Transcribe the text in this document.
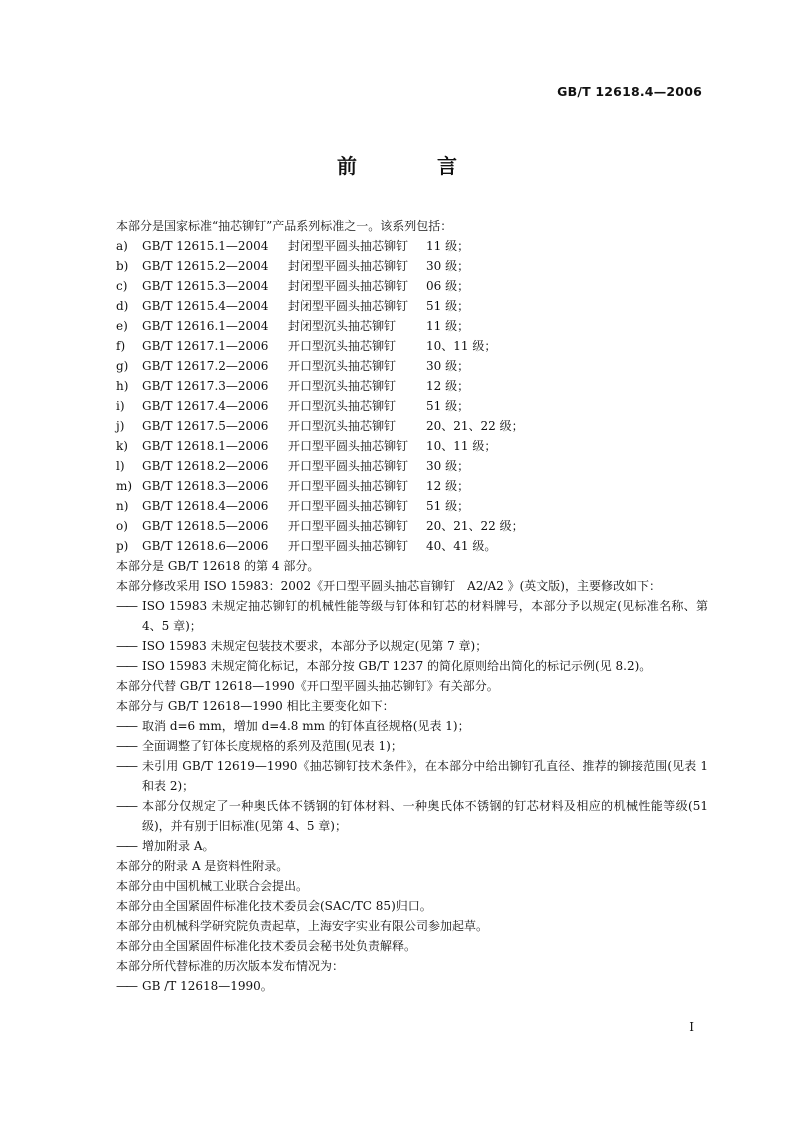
GB/T 12618.4—2006
前　言
本部分是国家标准“抽芯铆钉”产品系列标准之一。该系列包括：
a)	GB/T 12615.1—2004	封闭型平圆头抽芯铆钉	11 级；
b)	GB/T 12615.2—2004	封闭型平圆头抽芯铆钉	30 级；
c)	GB/T 12615.3—2004	封闭型平圆头抽芯铆钉	06 级；
d)	GB/T 12615.4—2004	封闭型平圆头抽芯铆钉	51 级；
e)	GB/T 12616.1—2004	封闭型沉头抽芯铆钉	11 级；
f)	GB/T 12617.1—2006	开口型沉头抽芯铆钉	10、11 级；
g)	GB/T 12617.2—2006	开口型沉头抽芯铆钉	30 级；
h)	GB/T 12617.3—2006	开口型沉头抽芯铆钉	12 级；
i)	GB/T 12617.4—2006	开口型沉头抽芯铆钉	51 级；
j)	GB/T 12617.5—2006	开口型沉头抽芯铆钉	20、21、22 级；
k)	GB/T 12618.1—2006	开口型平圆头抽芯铆钉	10、11 级；
l)	GB/T 12618.2—2006	开口型平圆头抽芯铆钉	30 级；
m) GB/T 12618.3—2006	开口型平圆头抽芯铆钉	12 级；
n)	GB/T 12618.4—2006	开口型平圆头抽芯铆钉	51 级；
o)	GB/T 12618.5—2006	开口型平圆头抽芯铆钉	20、21、22 级；
p)	GB/T 12618.6—2006	开口型平圆头抽芯铆钉	40、41 级。
本部分是 GB/T 12618 的第 4 部分。
本部分修改采用 ISO 15983：2002《开口型平圆头抽芯盲铆钉　A2/A2 》(英文版)，主要修改如下：
—— ISO 15983 未规定抽芯铆钉的机械性能等级与钉体和钉芯的材料牌号，本部分予以规定(见标准名称、第 4、5 章)；
—— ISO 15983 未规定包装技术要求，本部分予以规定(见第 7 章)；
—— ISO 15983 未规定简化标记，本部分按 GB/T 1237 的简化原则给出简化的标记示例(见 8.2)。
本部分代替 GB/T 12618—1990《开口型平圆头抽芯铆钉》有关部分。
本部分与 GB/T 12618—1990 相比主要变化如下：
—— 取消 d=6 mm，增加 d=4.8 mm 的钉体直径规格(见表 1)；
—— 全面调整了钉体长度规格的系列及范围(见表 1)；
—— 未引用 GB/T 12619—1990《抽芯铆钉技术条件》，在本部分中给出铆钉孔直径、推荐的铆接范围(见表 1 和表 2)；
—— 本部分仅规定了一种奥氏体不锈钢的钉体材料、一种奥氏体不锈钢的钉芯材料及相应的机械性能等级(51 级)，并有别于旧标准(见第 4、5 章)；
—— 增加附录 A。
本部分的附录 A 是资料性附录。
本部分由中国机械工业联合会提出。
本部分由全国紧固件标准化技术委员会(SAC/TC 85)归口。
本部分由机械科学研究院负责起草，上海安字实业有限公司参加起草。
本部分由全国紧固件标准化技术委员会秘书处负责解释。
本部分所代替标准的历次版本发布情况为：
—— GB /T 12618—1990。
I
